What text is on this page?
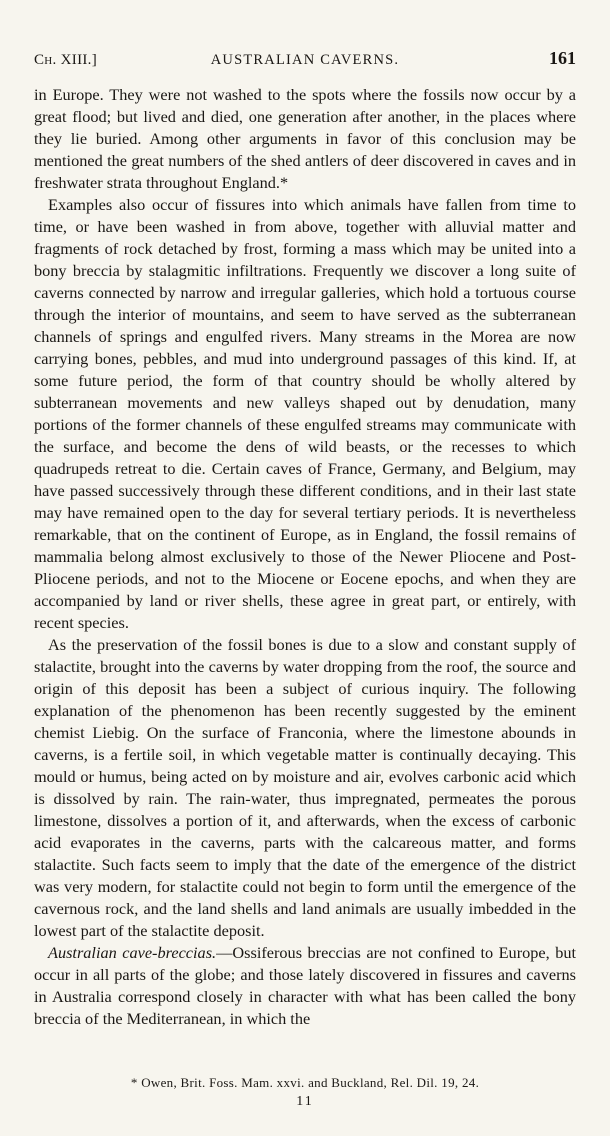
Ch. XIII.]	AUSTRALIAN CAVERNS.	161

in Europe. They were not washed to the spots where the fossils now occur by a great flood; but lived and died, one generation after another, in the places where they lie buried. Among other arguments in favor of this conclusion may be mentioned the great numbers of the shed antlers of deer discovered in caves and in freshwater strata throughout England.*

Examples also occur of fissures into which animals have fallen from time to time, or have been washed in from above, together with alluvial matter and fragments of rock detached by frost, forming a mass which may be united into a bony breccia by stalagmitic infiltrations. Frequently we discover a long suite of caverns connected by narrow and irregular galleries, which hold a tortuous course through the interior of mountains, and seem to have served as the subterranean channels of springs and engulfed rivers. Many streams in the Morea are now carrying bones, pebbles, and mud into underground passages of this kind. If, at some future period, the form of that country should be wholly altered by subterranean movements and new valleys shaped out by denudation, many portions of the former channels of these engulfed streams may communicate with the surface, and become the dens of wild beasts, or the recesses to which quadrupeds retreat to die. Certain caves of France, Germany, and Belgium, may have passed successively through these different conditions, and in their last state may have remained open to the day for several tertiary periods. It is nevertheless remarkable, that on the continent of Europe, as in England, the fossil remains of mammalia belong almost exclusively to those of the Newer Pliocene and Post-Pliocene periods, and not to the Miocene or Eocene epochs, and when they are accompanied by land or river shells, these agree in great part, or entirely, with recent species.

As the preservation of the fossil bones is due to a slow and constant supply of stalactite, brought into the caverns by water dropping from the roof, the source and origin of this deposit has been a subject of curious inquiry. The following explanation of the phenomenon has been recently suggested by the eminent chemist Liebig. On the surface of Franconia, where the limestone abounds in caverns, is a fertile soil, in which vegetable matter is continually decaying. This mould or humus, being acted on by moisture and air, evolves carbonic acid which is dissolved by rain. The rain-water, thus impregnated, permeates the porous limestone, dissolves a portion of it, and afterwards, when the excess of carbonic acid evaporates in the caverns, parts with the calcareous matter, and forms stalactite. Such facts seem to imply that the date of the emergence of the district was very modern, for stalactite could not begin to form until the emergence of the cavernous rock, and the land shells and land animals are usually imbedded in the lowest part of the stalactite deposit.

Australian cave-breccias.—Ossiferous breccias are not confined to Europe, but occur in all parts of the globe; and those lately discovered in fissures and caverns in Australia correspond closely in character with what has been called the bony breccia of the Mediterranean, in which the

* Owen, Brit. Foss. Mam. xxvi. and Buckland, Rel. Dil. 19, 24.
11
